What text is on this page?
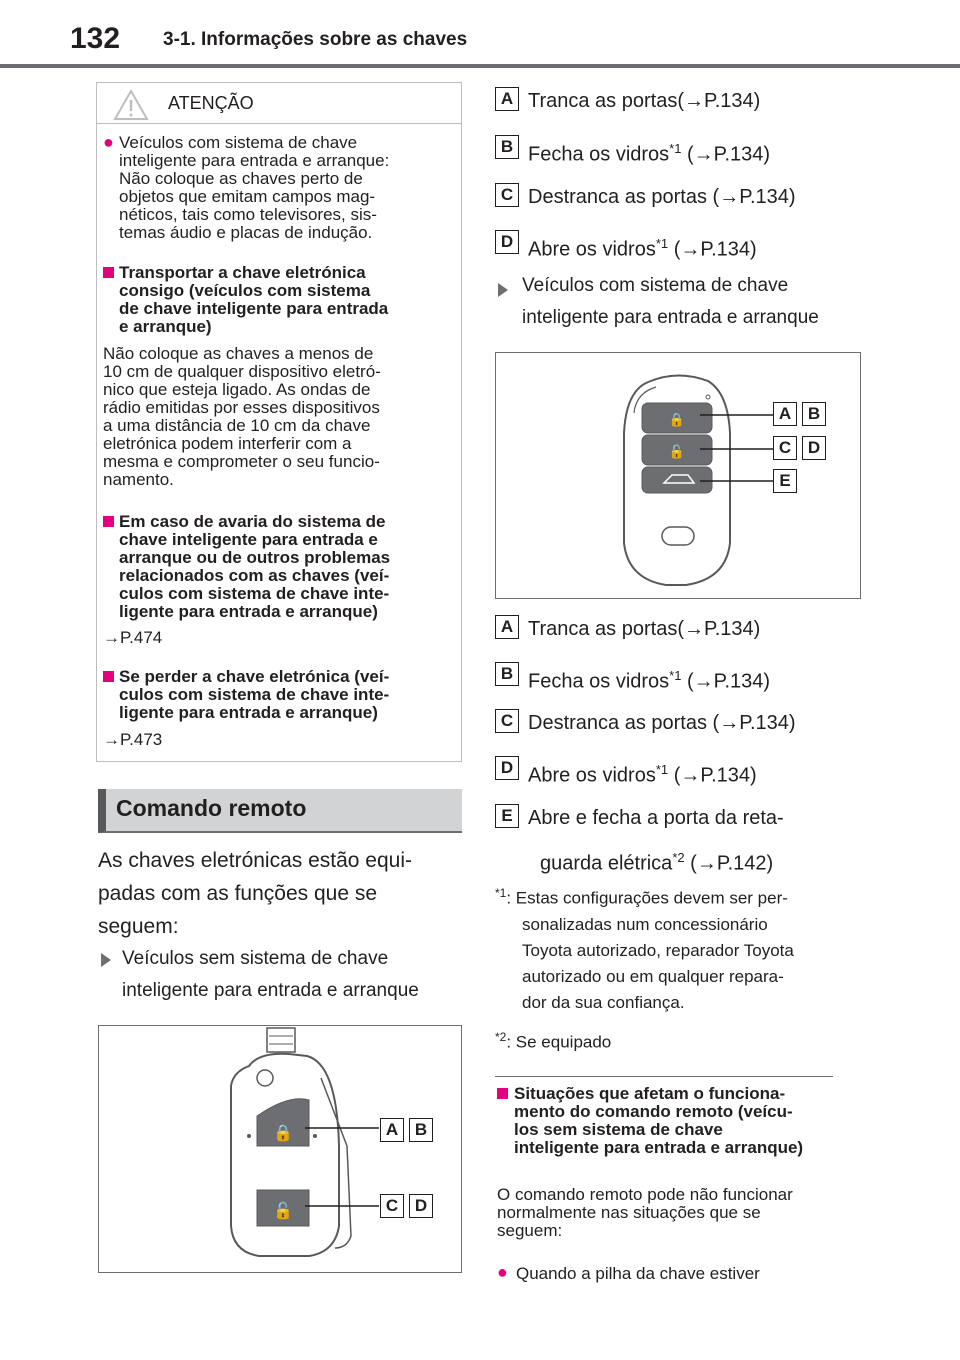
132 3-1. Informações sobre as chaves
ATENÇÃO
● Veículos com sistema de chave
inteligente para entrada e arranque:
Não coloque as chaves perto de
objetos que emitam campos mag-
néticos, tais como televisores, sis-
temas áudio e placas de indução.
Transportar a chave eletrónica
consigo (veículos com sistema
de chave inteligente para entrada
e arranque)
Não coloque as chaves a menos de
10 cm de qualquer dispositivo eletró-
nico que esteja ligado. As ondas de
rádio emitidas por esses dispositivos
a uma distância de 10 cm da chave
eletrónica podem interferir com a
mesma e comprometer o seu funcio-
namento.
Em caso de avaria do sistema de
chave inteligente para entrada e
arranque ou de outros problemas
relacionados com as chaves (veí-
culos com sistema de chave inte-
ligente para entrada e arranque)
→P.474
Se perder a chave eletrónica (veí-
culos com sistema de chave inte-
ligente para entrada e arranque)
→P.473
Comando remoto
As chaves eletrónicas estão equi-
padas com as funções que se
seguem:
Veículos sem sistema de chave
inteligente para entrada e arranque
🔒
🔓
A B
C D
A Tranca as portas(→P.134)
B Fecha os vidros$^{*1}$ (→P.134)
C Destranca as portas (→P.134)
D Abre os vidros$^{*1}$ (→P.134)
Veículos com sistema de chave
inteligente para entrada e arranque
🔒
🔓
A B
C D
E
A Tranca as portas(→P.134)
B Fecha os vidros$^{*1}$ (→P.134)
C Destranca as portas (→P.134)
D Abre os vidros$^{*1}$ (→P.134)
E Abre e fecha a porta da reta-
guarda elétrica$^{*2}$ (→P.142)
$^{*1}$: Estas configurações devem ser per-
sonalizadas num concessionário
Toyota autorizado, reparador Toyota
autorizado ou em qualquer repara-
dor da sua confiança.
$^{*2}$: Se equipado
Situações que afetam o funciona-
mento do comando remoto (veícu-
los sem sistema de chave
inteligente para entrada e arranque)
O comando remoto pode não funcionar
normalmente nas situações que se
seguem:
● Quando a pilha da chave estiver
